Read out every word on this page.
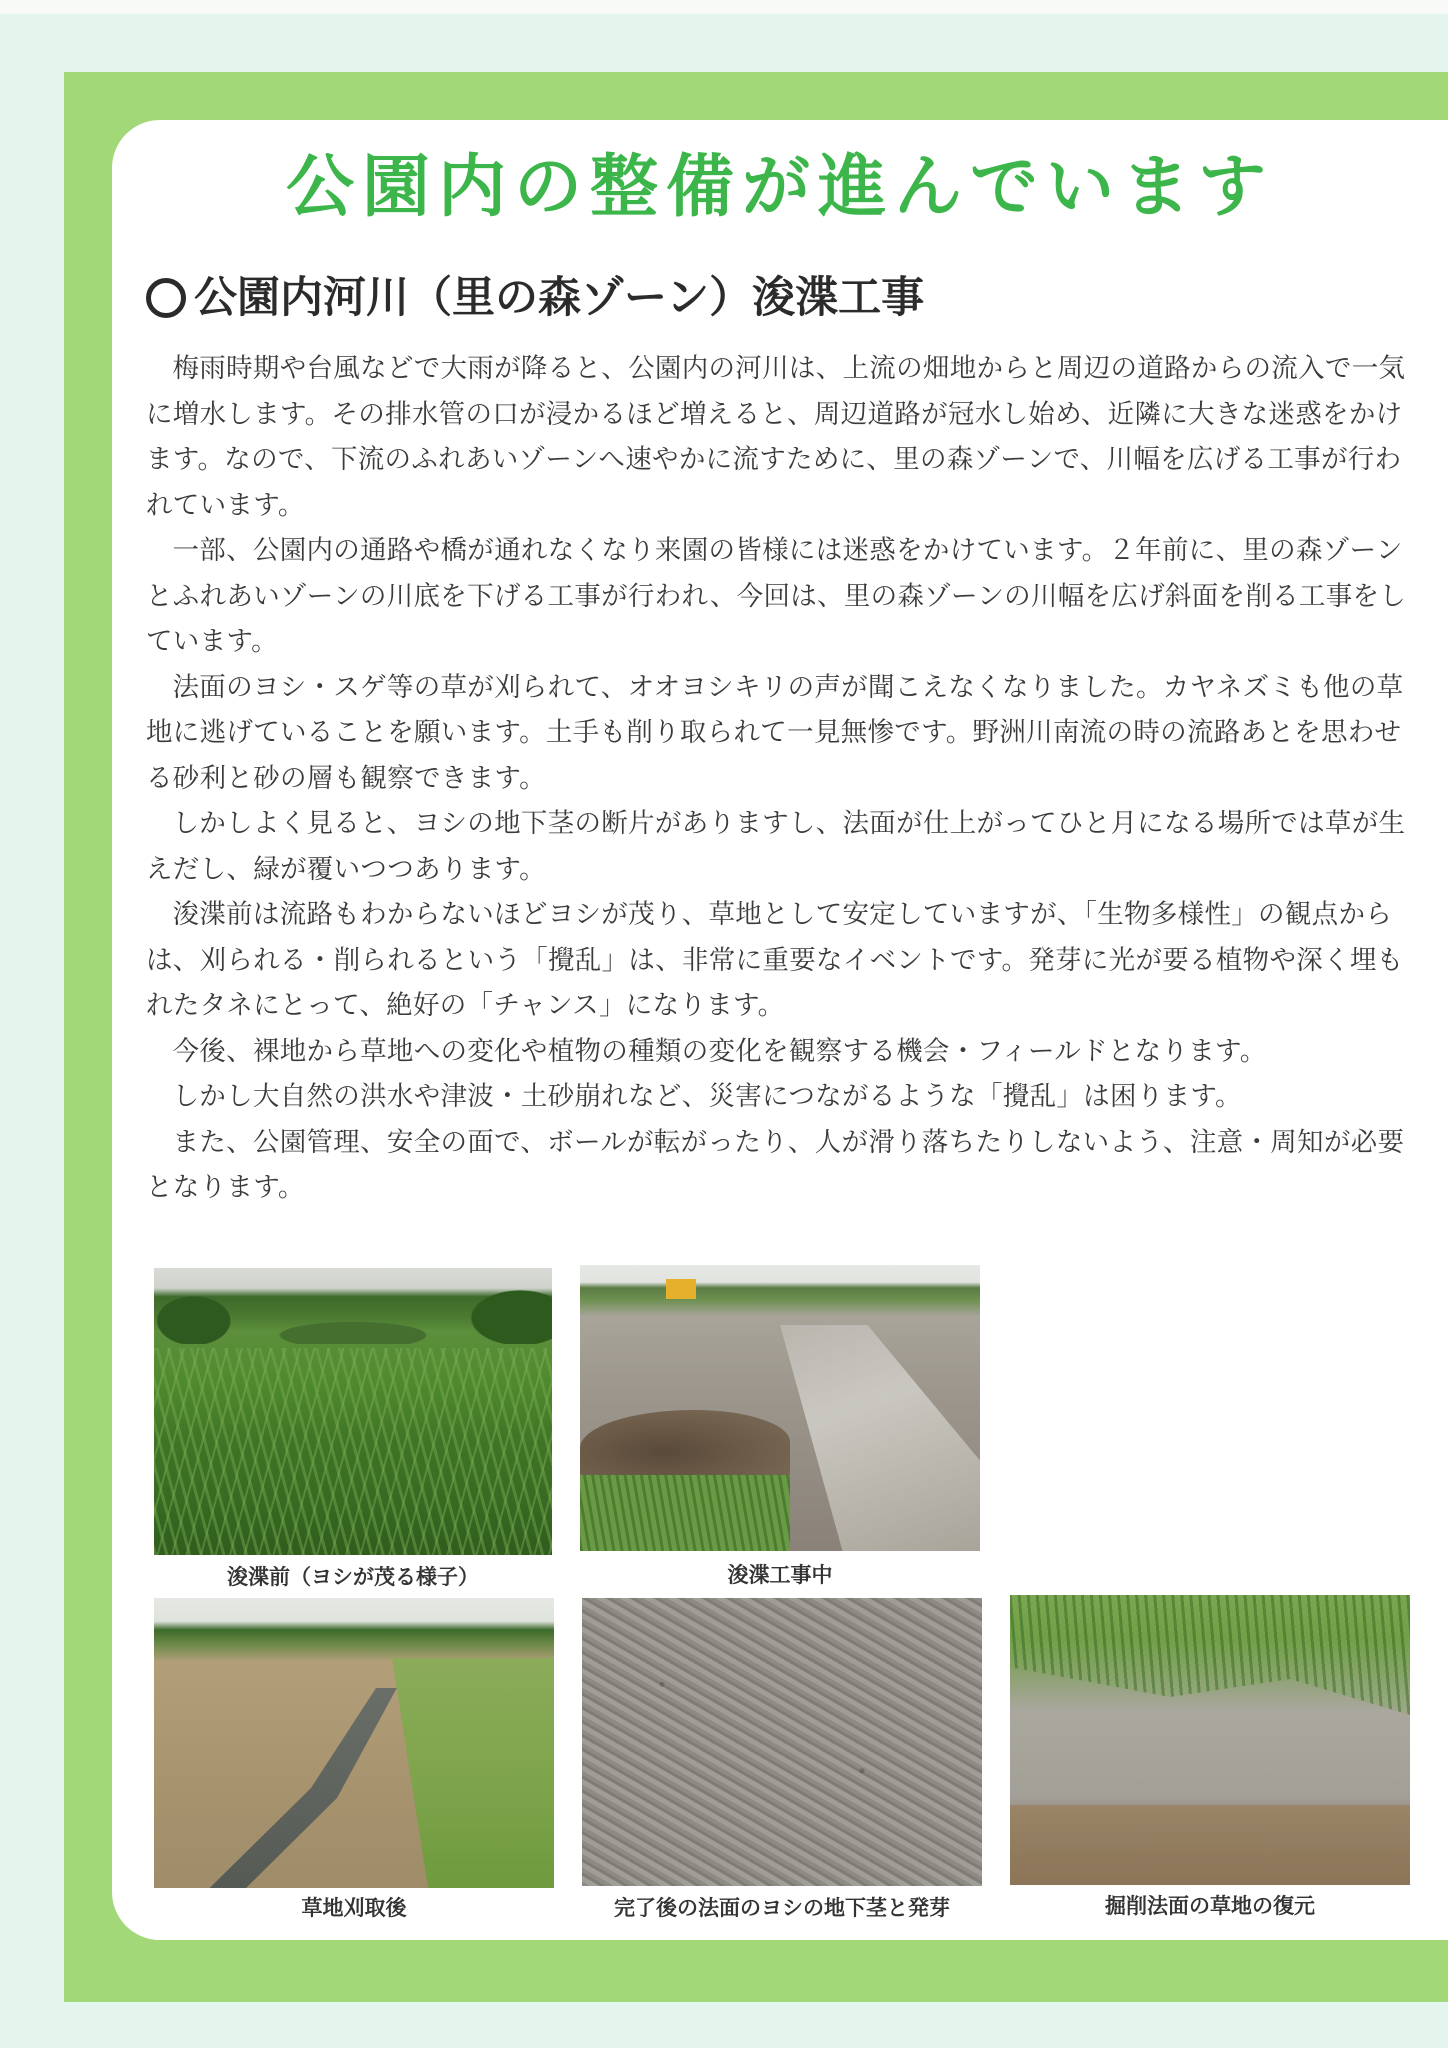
公園内の整備が進んでいます
公園内河川（里の森ゾーン）浚渫工事

梅雨時期や台風などで大雨が降ると、公園内の河川は、上流の畑地からと周辺の道路からの流入で一気に増水します。その排水管の口が浸かるほど増えると、周辺道路が冠水し始め、近隣に大きな迷惑をかけます。なので、下流のふれあいゾーンへ速やかに流すために、里の森ゾーンで、川幅を広げる工事が行われています。

一部、公園内の通路や橋が通れなくなり来園の皆様には迷惑をかけています。２年前に、里の森ゾーンとふれあいゾーンの川底を下げる工事が行われ、今回は、里の森ゾーンの川幅を広げ斜面を削る工事をしています。

法面のヨシ・スゲ等の草が刈られて、オオヨシキリの声が聞こえなくなりました。カヤネズミも他の草地に逃げていることを願います。土手も削り取られて一見無惨です。野洲川南流の時の流路あとを思わせる砂利と砂の層も観察できます。

しかしよく見ると、ヨシの地下茎の断片がありますし、法面が仕上がってひと月になる場所では草が生えだし、緑が覆いつつあります。

浚渫前は流路もわからないほどヨシが茂り、草地として安定していますが、「生物多様性」の観点からは、刈られる・削られるという「攪乱」は、非常に重要なイベントです。発芽に光が要る植物や深く埋もれたタネにとって、絶好の「チャンス」になります。

今後、裸地から草地への変化や植物の種類の変化を観察する機会・フィールドとなります。

しかし大自然の洪水や津波・土砂崩れなど、災害につながるような「攪乱」は困ります。

また、公園管理、安全の面で、ボールが転がったり、人が滑り落ちたりしないよう、注意・周知が必要となります。

浚渫前（ヨシが茂る様子）	浚渫工事中

草地刈取後	完了後の法面のヨシの地下茎と発芽	掘削法面の草地の復元
